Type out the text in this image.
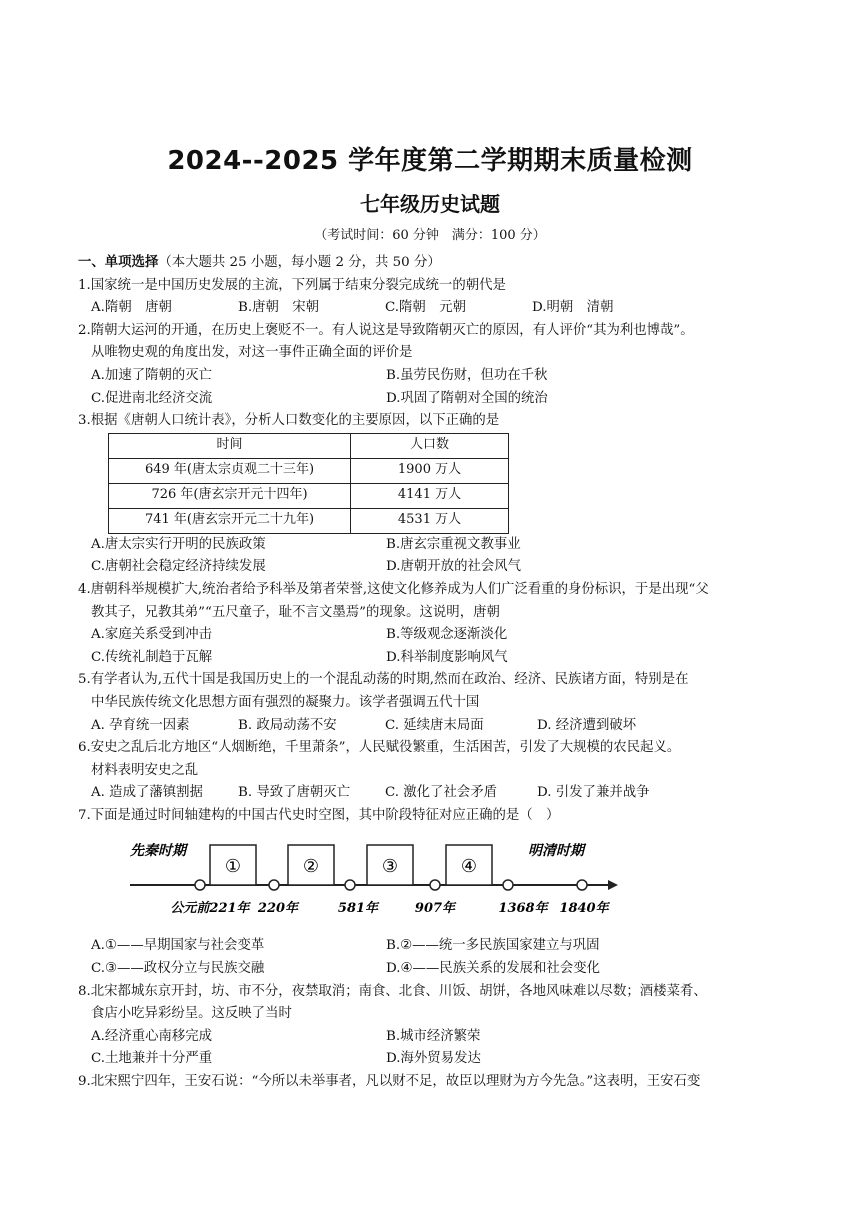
2024--2025 学年度第二学期期末质量检测
七年级历史试题
（考试时间：60 分钟　满分：100 分）
一、单项选择（本大题共 25 小题，每小题 2 分，共 50 分）
1.国家统一是中国历史发展的主流，下列属于结束分裂完成统一的朝代是
A.隋朝　唐朝	B.唐朝　宋朝	C.隋朝　元朝	D.明朝　清朝
2.隋朝大运河的开通，在历史上褒贬不一。有人说这是导致隋朝灭亡的原因，有人评价“其为利也博哉”。
从唯物史观的角度出发，对这一事件正确全面的评价是
A.加速了隋朝的灭亡	B.虽劳民伤财，但功在千秋
C.促进南北经济交流	D.巩固了隋朝对全国的统治
3.根据《唐朝人口统计表》，分析人口数变化的主要原因，以下正确的是
时间	人口数
649 年(唐太宗贞观二十三年)	1900 万人
726 年(唐玄宗开元十四年)	4141 万人
741 年(唐玄宗开元二十九年)	4531 万人
A.唐太宗实行开明的民族政策	B.唐玄宗重视文教事业
C.唐朝社会稳定经济持续发展	D.唐朝开放的社会风气
4.唐朝科举规模扩大,统治者给予科举及第者荣誉,这使文化修养成为人们广泛看重的身份标识，于是出现“父
教其子，兄教其弟”“五尺童子，耻不言文墨焉”的现象。这说明，唐朝
A.家庭关系受到冲击	B.等级观念逐渐淡化
C.传统礼制趋于瓦解	D.科举制度影响风气
5.有学者认为,五代十国是我国历史上的一个混乱动荡的时期,然而在政治、经济、民族诸方面，特别是在
中华民族传统文化思想方面有强烈的凝聚力。该学者强调五代十国
A. 孕育统一因素	B. 政局动荡不安	C. 延续唐末局面	D. 经济遭到破坏
6.安史之乱后北方地区“人烟断绝，千里萧条”，人民赋役繁重，生活困苦，引发了大规模的农民起义。
材料表明安史之乱
A. 造成了藩镇割据	B. 导致了唐朝灭亡	C. 激化了社会矛盾	D. 引发了兼并战争
7.下面是通过时间轴建构的中国古代史时空图，其中阶段特征对应正确的是（　）
先秦时期	明清时期
①	②	③	④
公元前221年 220年	581年	907年	1368年 1840年
A.①——早期国家与社会变革	B.②——统一多民族国家建立与巩固
C.③——政权分立与民族交融	D.④——民族关系的发展和社会变化
8.北宋都城东京开封，坊、市不分，夜禁取消；南食、北食、川饭、胡饼，各地风味难以尽数；酒楼菜肴、
食店小吃异彩纷呈。这反映了当时
A.经济重心南移完成	B.城市经济繁荣
C.土地兼并十分严重	D.海外贸易发达
9.北宋熙宁四年，王安石说：“今所以未举事者，凡以财不足，故臣以理财为方今先急。”这表明，王安石变
